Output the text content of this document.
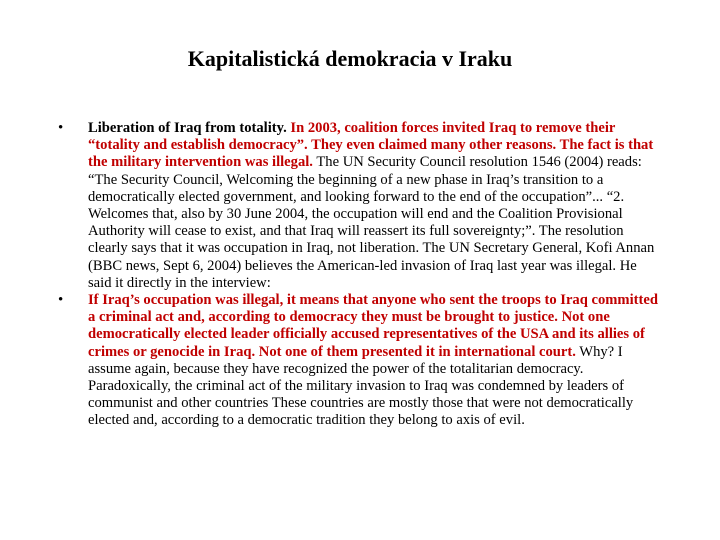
Kapitalistická demokracia v Iraku
• Liberation of Iraq from totality. In 2003, coalition forces invited Iraq to remove their “totality and establish democracy”. They even claimed many other reasons. The fact is that the military intervention was illegal. The UN Security Council resolution 1546 (2004) reads: “The Security Council, Welcoming the beginning of a new phase in Iraq’s transition to a democratically elected government, and looking forward to the end of the occupation”... “2. Welcomes that, also by 30 June 2004, the occupation will end and the Coalition Provisional Authority will cease to exist, and that Iraq will reassert its full sovereignty;”. The resolution clearly says that it was occupation in Iraq, not liberation. The UN Secretary General, Kofi Annan (BBC news, Sept 6, 2004) believes the American-led invasion of Iraq last year was illegal. He said it directly in the interview:
• If Iraq’s occupation was illegal, it means that anyone who sent the troops to Iraq committed a criminal act and, according to democracy they must be brought to justice. Not one democratically elected leader officially accused representatives of the USA and its allies of crimes or genocide in Iraq. Not one of them presented it in international court. Why? I assume again, because they have recognized the power of the totalitarian democracy. Paradoxically, the criminal act of the military invasion to Iraq was condemned by leaders of communist and other countries These countries are mostly those that were not democratically elected and, according to a democratic tradition they belong to axis of evil.
